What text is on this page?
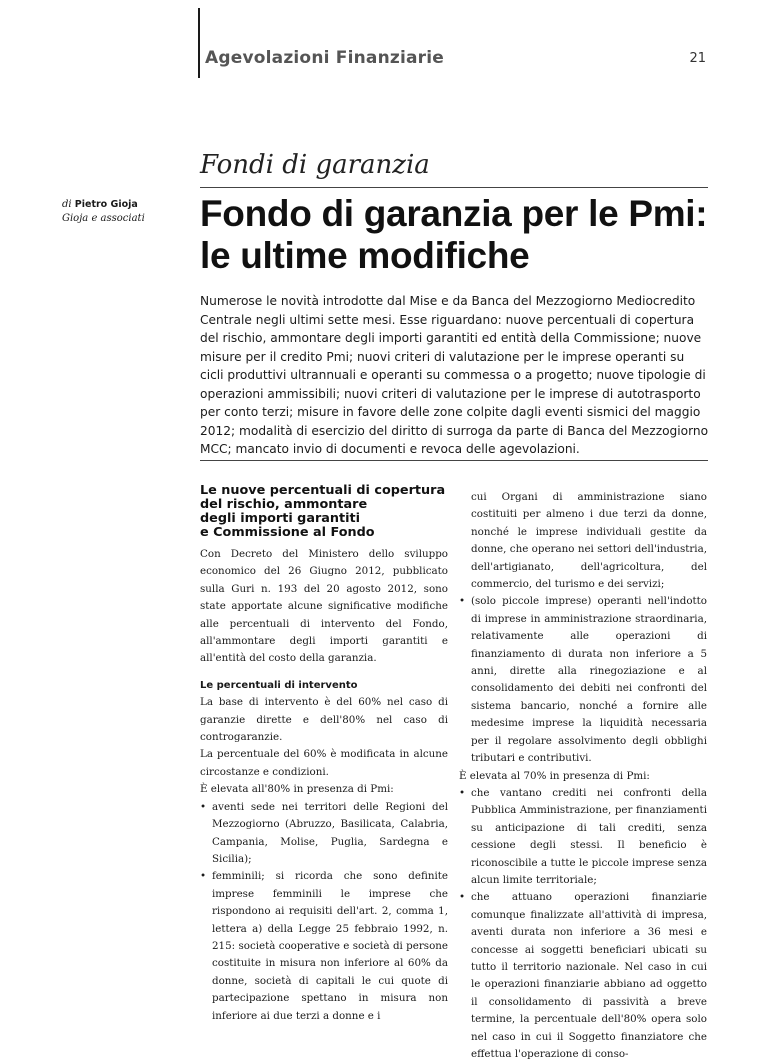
Agevolazioni Finanziarie	21
Fondi di garanzia
di Pietro Gioja
Gioja e associati Fondo di garanzia per le Pmi:
le ultime modifiche

Numerose le novità introdotte dal Mise e da Banca del Mezzogiorno Mediocredito Centrale negli ultimi sette mesi. Esse riguardano: nuove percentuali di copertura del rischio, ammontare degli importi garantiti ed entità della Commissione; nuove misure per il credito Pmi; nuovi criteri di valutazione per le imprese operanti su cicli produttivi ultrannuali e operanti su commessa o a progetto; nuove tipologie di operazioni ammissibili; nuovi criteri di valutazione per le imprese di autotrasporto per conto terzi; misure in favore delle zone colpite dagli eventi sismici del maggio 2012; modalità di esercizio del diritto di surroga da parte di Banca del Mezzogiorno MCC; mancato invio di documenti e revoca delle agevolazioni.

Le nuove percentuali di copertura
del rischio, ammontare
degli importi garantiti
e Commissione al Fondo
Con Decreto del Ministero dello sviluppo economico del 26 Giugno 2012, pubblicato sulla Guri n. 193 del 20 agosto 2012, sono state apportate alcune significative modifiche alle percentuali di intervento del Fondo, all'ammontare degli importi garantiti e all'entità del costo della garanzia.
Le percentuali di intervento
La base di intervento è del 60% nel caso di garanzie dirette e dell'80% nel caso di controgaranzie.
La percentuale del 60% è modificata in alcune circostanze e condizioni.
È elevata all'80% in presenza di Pmi:
• aventi sede nei territori delle Regioni del Mezzogiorno (Abruzzo, Basilicata, Calabria, Campania, Molise, Puglia, Sardegna e Sicilia);
• femminili; si ricorda che sono definite imprese femminili le imprese che rispondono ai requisiti dell'art. 2, comma 1, lettera a) della Legge 25 febbraio 1992, n. 215: società cooperative e società di persone costituite in misura non inferiore al 60% da donne, società di capitali le cui quote di partecipazione spettano in misura non inferiore ai due terzi a donne e i
cui Organi di amministrazione siano costituiti per almeno i due terzi da donne, nonché le imprese individuali gestite da donne, che operano nei settori dell'industria, dell'artigianato, dell'agricoltura, del commercio, del turismo e dei servizi;
• (solo piccole imprese) operanti nell'indotto di imprese in amministrazione straordinaria, relativamente alle operazioni di finanziamento di durata non inferiore a 5 anni, dirette alla rinegoziazione e al consolidamento dei debiti nei confronti del sistema bancario, nonché a fornire alle medesime imprese la liquidità necessaria per il regolare assolvimento degli obblighi tributari e contributivi.
È elevata al 70% in presenza di Pmi:
• che vantano crediti nei confronti della Pubblica Amministrazione, per finanziamenti su anticipazione di tali crediti, senza cessione degli stessi. Il beneficio è riconoscibile a tutte le piccole imprese senza alcun limite territoriale;
• che attuano operazioni finanziarie comunque finalizzate all'attività di impresa, aventi durata non inferiore a 36 mesi e concesse ai soggetti beneficiari ubicati su tutto il territorio nazionale. Nel caso in cui le operazioni finanziarie abbiano ad oggetto il consolidamento di passività a breve termine, la percentuale dell'80% opera solo nel caso in cui il Soggetto finanziatore che effettua l'operazione di conso-
